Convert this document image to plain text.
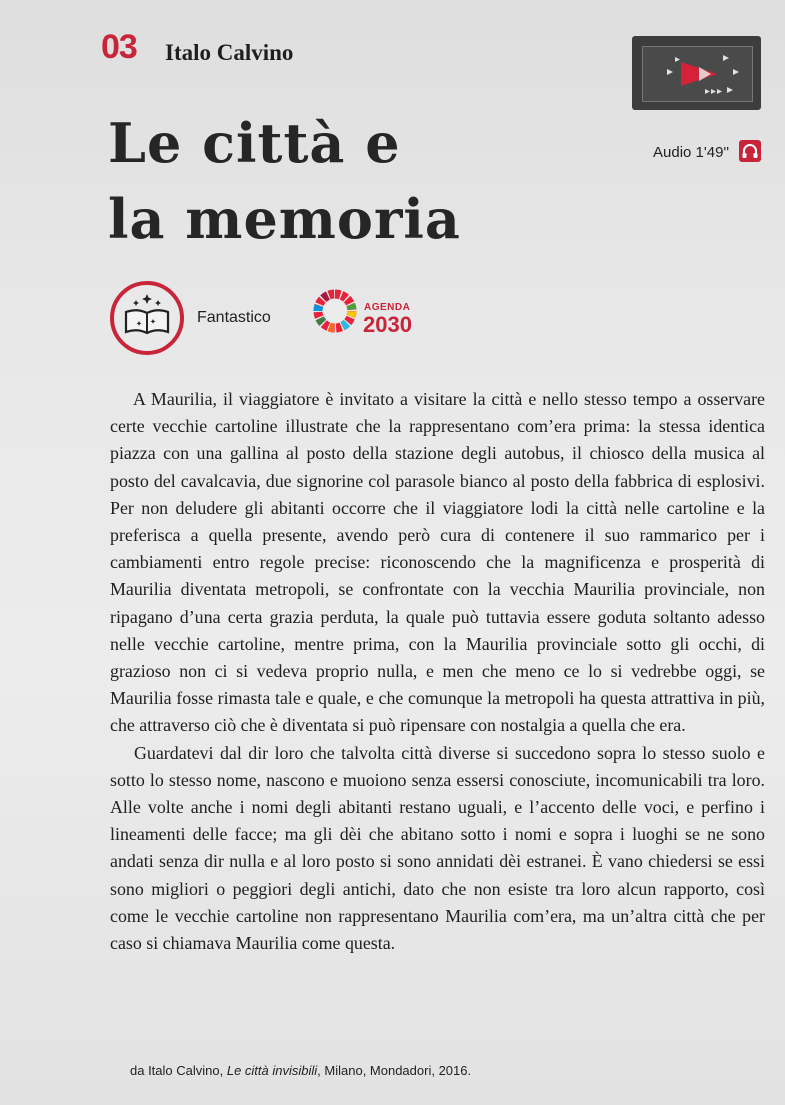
03 Italo Calvino
Le città e
la memoria
Audio 1'49''
Fantastico
AGENDA
2030

A Maurilia, il viaggiatore è invitato a visitare la città e nello stesso tempo a osservare certe vecchie cartoline illustrate che la rappresentano com’era prima: la stessa identica piazza con una gallina al posto della stazione degli autobus, il chiosco della musica al posto del cavalcavia, due signorine col parasole bianco al posto della fabbrica di esplosivi. Per non deludere gli abitanti occorre che il viaggiatore lodi la città nelle cartoline e la preferisca a quella presente, avendo però cura di contenere il suo rammarico per i cambiamenti entro regole precise: riconoscendo che la magnificenza e prosperità di Maurilia diventata metropoli, se confrontate con la vecchia Maurilia provinciale, non ripagano d’una certa grazia perduta, la quale può tuttavia essere goduta soltanto adesso nelle vecchie cartoline, mentre prima, con la Maurilia provinciale sotto gli occhi, di grazioso non ci si vedeva proprio nulla, e men che meno ce lo si vedrebbe oggi, se Maurilia fosse rimasta tale e quale, e che comunque la metropoli ha questa attrattiva in più, che attraverso ciò che è diventata si può ripensare con nostalgia a quella che era.

Guardatevi dal dir loro che talvolta città diverse si succedono sopra lo stesso suolo e sotto lo stesso nome, nascono e muoiono senza essersi conosciute, incomunicabili tra loro. Alle volte anche i nomi degli abitanti restano uguali, e l’accento delle voci, e perfino i lineamenti delle facce; ma gli dèi che abitano sotto i nomi e sopra i luoghi se ne sono andati senza dir nulla e al loro posto si sono annidati dèi estranei. È vano chiedersi se essi sono migliori o peggiori degli antichi, dato che non esiste tra loro alcun rapporto, così come le vecchie cartoline non rappresentano Maurilia com’era, ma un’altra città che per caso si chiamava Maurilia come questa.

da Italo Calvino, Le città invisibili, Milano, Mondadori, 2016.
